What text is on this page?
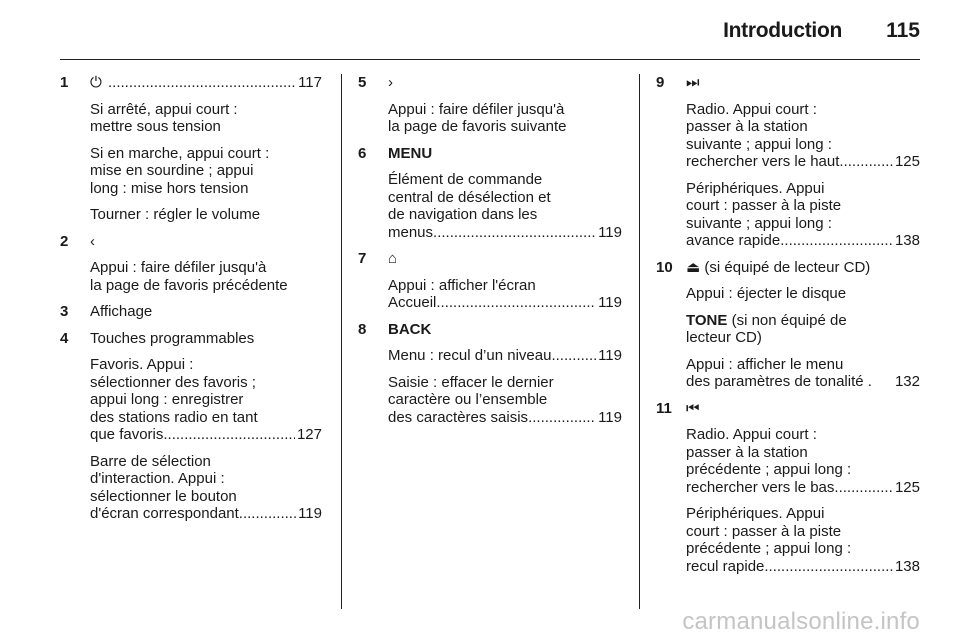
Introduction 115
1 ⏻ .....	117
Si arrêté, appui court :
mettre sous tension
Si en marche, appui court :
mise en sourdine ; appui
long : mise hors tension
Tourner : régler le volume
2 ‹
Appui : faire défiler jusqu'à
la page de favoris précédente
3 Affichage
4 Touches programmables
Favoris. Appui :
sélectionner des favoris ;
appui long : enregistrer
des stations radio en tant
que favoris .....	127
Barre de sélection
d'interaction. Appui :
sélectionner le bouton
d'écran correspondant .....	119
5 ›
Appui : faire défiler jusqu'à
la page de favoris suivante
6 MENU
Élément de commande
central de désélection et
de navigation dans les
menus .....	119
7 ⌂
Appui : afficher l'écran
Accueil .....	119
8 BACK
Menu : recul d’un niveau .....	119
Saisie : effacer le dernier
caractère ou l’ensemble
des caractères saisis .....	119
9 ⏭
Radio. Appui court :
passer à la station
suivante ; appui long :
rechercher vers le haut .....	125
Périphériques. Appui
court : passer à la piste
suivante ; appui long :
avance rapide .....	138
10 ⏏ (si équipé de lecteur CD)
Appui : éjecter le disque
TONE (si non équipé de
lecteur CD)
Appui : afficher le menu
des paramètres de tonalité . 132
11 ⏮
Radio. Appui court :
passer à la station
précédente ; appui long :
rechercher vers le bas .....	125
Périphériques. Appui
court : passer à la piste
précédente ; appui long :
recul rapide .....	138
carmanualsonline.info
